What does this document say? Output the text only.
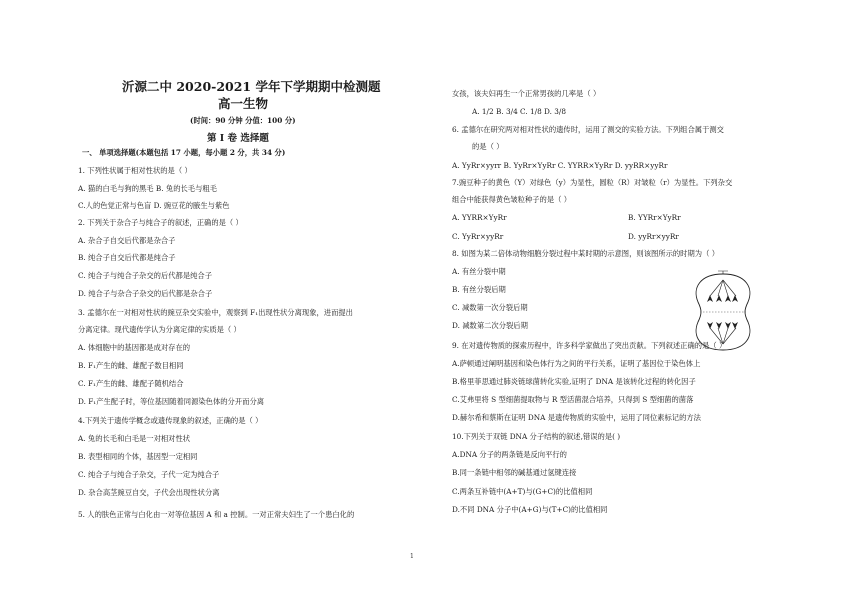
沂源二中 2020-2021 学年下学期期中检测题
高一生物
(时间：90 分钟 分值：100 分)
第 Ⅰ 卷 选择题
一、 单项选择题(本题包括 17 小题，每小题 2 分，共 34 分)
1. 下列性状属于相对性状的是（ ）
A. 猫的白毛与狗的黑毛 B. 兔的长毛与粗毛
C.人的色觉正常与色盲 D. 豌豆花的腋生与紫色
2. 下列关于杂合子与纯合子的叙述，正确的是（ ）
A. 杂合子自交后代都是杂合子
B. 纯合子自交后代都是纯合子
C. 纯合子与纯合子杂交的后代都是纯合子
D. 纯合子与杂合子杂交的后代都是杂合子
3. 孟德尔在一对相对性状的豌豆杂交实验中，观察到 F₁出现性状分离现象，进而提出
分离定律。现代遗传学认为分离定律的实质是（ ）
A. 体细胞中的基因都是成对存在的
B. F₁产生的雌、雄配子数目相同
C. F₁产生的雌、雄配子随机结合
D. F₁产生配子时，等位基因随着同源染色体的分开而分离
4.下列关于遗传学概念或遗传现象的叙述，正确的是（ ）
A. 兔的长毛和白毛是一对相对性状
B. 表型相同的个体，基因型一定相同
C. 纯合子与纯合子杂交，子代一定为纯合子
D. 杂合高茎豌豆自交，子代会出现性状分离
5. 人的肤色正常与白化由一对等位基因 A 和 a 控制。一对正常夫妇生了一个患白化的
女孩，该夫妇再生一个正常男孩的几率是（ ）
A. 1/2 B. 3/4 C. 1/8 D. 3/8
6. 孟德尔在研究两对相对性状的遗传时，运用了测交的实验方法。下列组合属于测交
的是（ ）
A. YyRr×yyrr B. YyRr×YyRr C. YYRR×YyRr D. yyRR×yyRr
7.豌豆种子的黄色（Y）对绿色（y）为显性，圆粒（R）对皱粒（r）为显性。下列杂交
组合中能获得黄色皱粒种子的是（ ）
A. YYRR×YyRr	B. YYRr×YyRr
C. YyRr×yyRr	D. yyRr×yyRr
8. 如图为某二倍体动物细胞分裂过程中某时期的示意图，则该图所示的时期为（ ）
A. 有丝分裂中期
B. 有丝分裂后期
C. 减数第一次分裂后期
D. 减数第二次分裂后期
9. 在对遗传物质的探索历程中，许多科学家做出了突出贡献。下列叙述正确的是（ ）
A.萨顿通过阐明基因和染色体行为之间的平行关系，证明了基因位于染色体上
B.格里菲思通过肺炎链球菌转化实验,证明了 DNA 是该转化过程的转化因子
C.艾弗里将 S 型细菌提取物与 R 型活菌混合培养，只得到 S 型细菌的菌落
D.赫尔希和蔡斯在证明 DNA 是遗传物质的实验中，运用了同位素标记的方法
10.下列关于双链 DNA 分子结构的叙述,错误的是( )
A.DNA 分子的两条链是反向平行的
B.同一条链中相邻的碱基通过氢键连接
C.两条互补链中(A+T)与(G+C)的比值相同
D.不同 DNA 分子中(A+G)与(T+C)的比值相同
1
